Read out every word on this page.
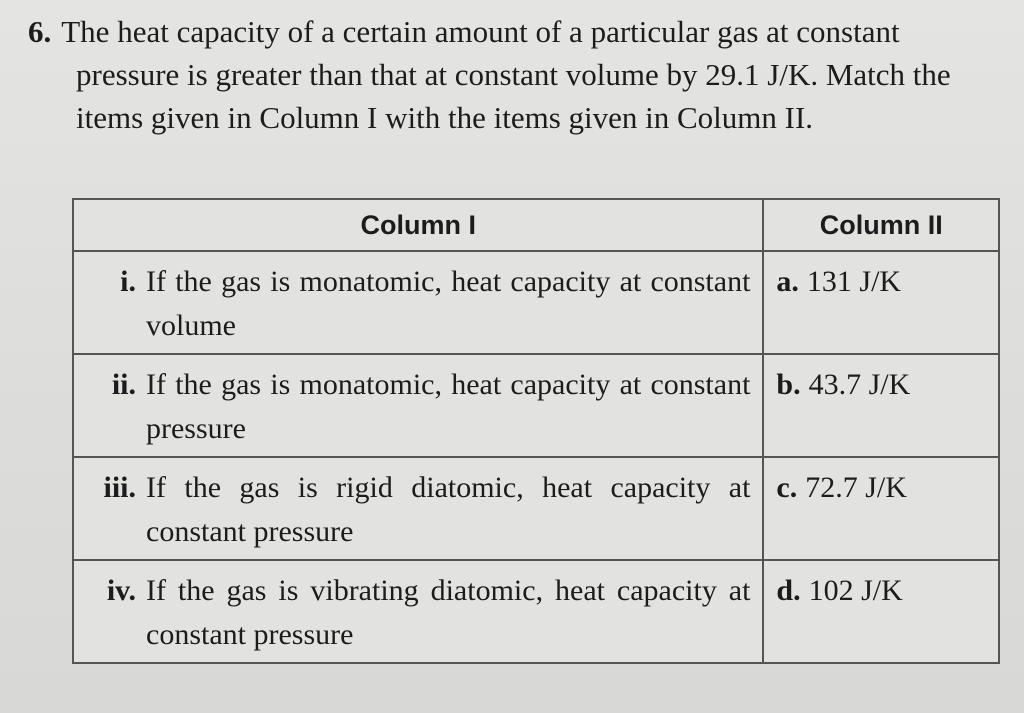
6. The heat capacity of a certain amount of a particular gas at constant pressure is greater than that at constant volume by 29.1 J/K. Match the items given in Column I with the items given in Column II.

Column I	Column II

i. If the gas is monatomic, heat capacity at constant volume	a. 131 J/K

ii. If the gas is monatomic, heat capacity at constant pressure	b. 43.7 J/K

iii. If the gas is rigid diatomic, heat capacity at constant pressure	c. 72.7 J/K

iv. If the gas is vibrating diatomic, heat capacity at constant pressure	d. 102 J/K
